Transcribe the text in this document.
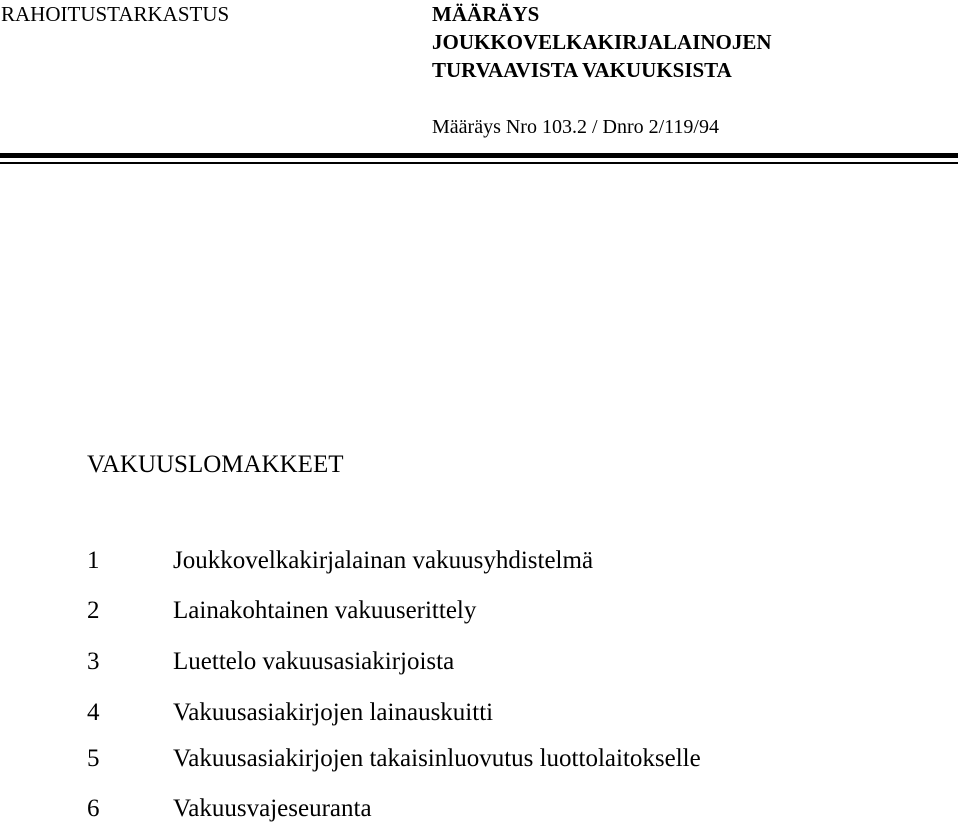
RAHOITUSTARKASTUS	MÄÄRÄYS
JOUKKOVELKAKIRJALAINOJEN
TURVAAVISTA VAKUUKSISTA
Määräys Nro 103.2 / Dnro 2/119/94
VAKUUSLOMAKKEET
1	Joukkovelkakirjalainan vakuusyhdistelmä
2	Lainakohtainen vakuuserittely
3	Luettelo vakuusasiakirjoista
4	Vakuusasiakirjojen lainauskuitti
5	Vakuusasiakirjojen takaisinluovutus luottolaitokselle
6	Vakuusvajeseuranta
